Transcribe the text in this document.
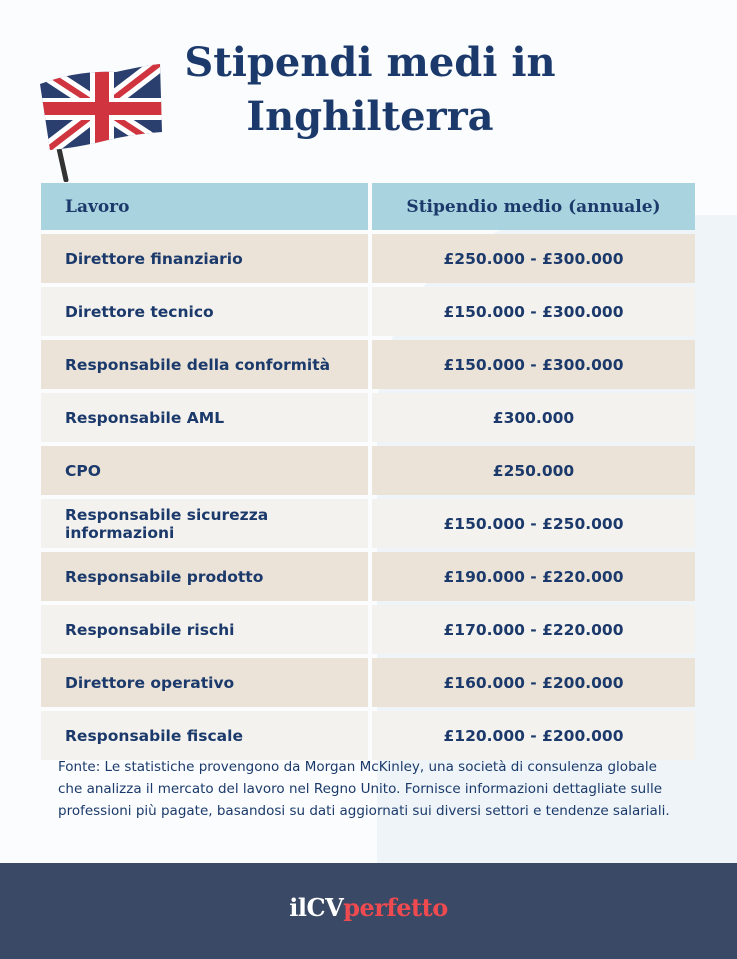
Stipendi medi in Inghilterra
Lavoro	Stipendio medio (annuale)
Direttore finanziario	£250.000 - £300.000
Direttore tecnico	£150.000 - £300.000
Responsabile della conformità	£150.000 - £300.000
Responsabile AML	£300.000
CPO	£250.000
Responsabile sicurezza informazioni	£150.000 - £250.000
Responsabile prodotto	£190.000 - £220.000
Responsabile rischi	£170.000 - £220.000
Direttore operativo	£160.000 - £200.000
Responsabile fiscale	£120.000 - £200.000

Fonte: Le statistiche provengono da Morgan McKinley, una società di consulenza globale che analizza il mercato del lavoro nel Regno Unito. Fornisce informazioni dettagliate sulle professioni più pagate, basandosi su dati aggiornati sui diversi settori e tendenze salariali.

ilCVperfetto
